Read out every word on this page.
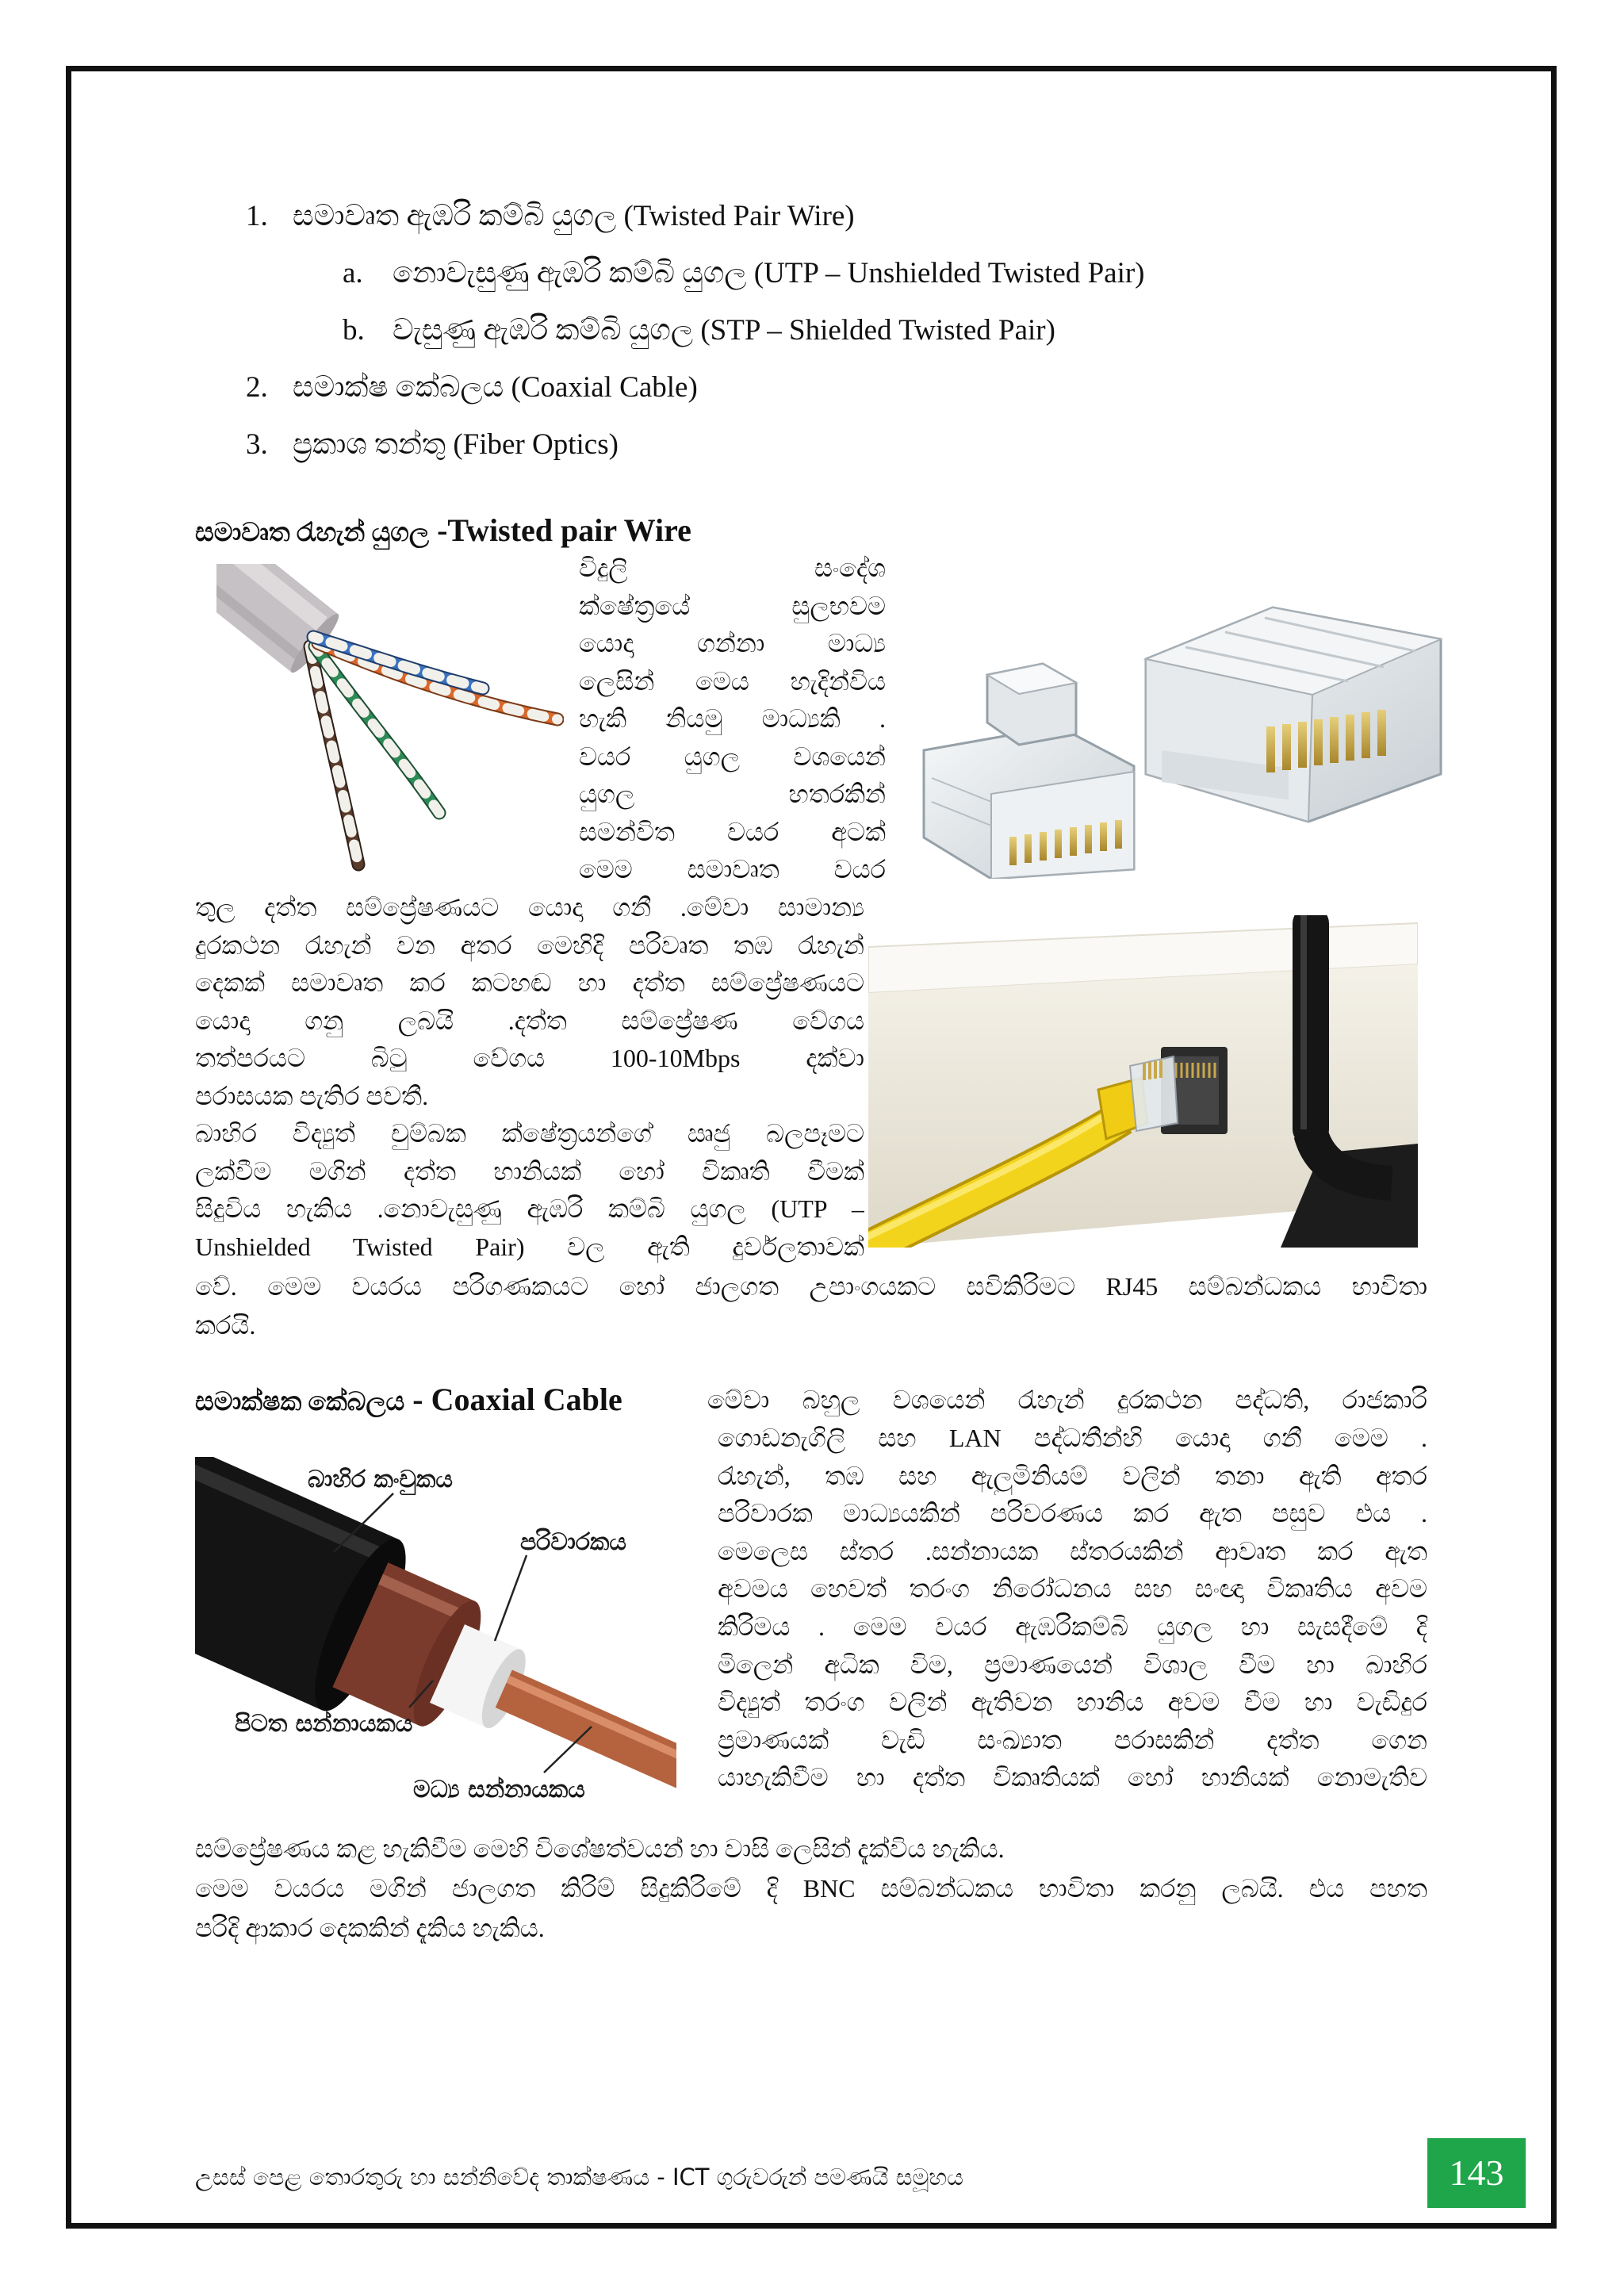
1. සමාවෘත ඇඹරි කම්බි යුගල (Twisted Pair Wire)
a. නොවැසුණු ඇඹරි කම්බි යුගල (UTP – Unshielded Twisted Pair)
b. වැසුණු ඇඹරි කම්බි යුගල (STP – Shielded Twisted Pair)
2. සමාක්ෂ කේබලය (Coaxial Cable)
3. ප්‍රකාශ තන්තු (Fiber Optics)
සමාවෘත රැහැන් යුගල -Twisted pair Wire
විදුලි සංදේශ
ක්ෂේත්‍රයේ සුලභවම
යොදා ගන්නා මාධ්‍ය
ලෙසින් මෙය හැදින්විය
හැකි නියමු මාධ්‍යකි .
වයර යුගල වශයෙන්
යුගල හතරකින්
සමන්විත වයර අටක්
මෙම සමාවෘත වයර
තුල දත්ත සම්ප්‍රේෂණයට යොදා ගනී .මේවා සාමාන්‍ය
දුරකථන රැහැන් වන අතර මෙහිදි පරිවෘත තඹ රැහැන්
දෙකක් සමාවෘත කර කටහඬ හා දත්ත සම්ප්‍රේෂණයට
යොදා ගනු ලබයි .දත්ත සම්ප්‍රේෂණ වේගය
තත්පරයට බිටු වේගය 100-10Mbps දක්වා
පරාසයක පැතිර පවතී.
බාහිර විද්‍යුත් චුම්බක ක්ෂේත්‍රයන්ගේ ඍජු බලපෑමට
ලක්වීම මගින් දත්ත හානියක් හෝ විකෘති වීමක්
සිදුවිය හැකිය .නොවැසුණු ඇඹරි කම්බි යුගල (UTP –
Unshielded Twisted Pair) වල ඇති දුර්වලතාවක්
වේ. මෙම වයරය පරිගණකයට හෝ ජාලගත උපාංගයකට සවිකිරිමට RJ45 සම්බන්ධකය භාවිතා
කරයි.
සමාක්ෂක කේබලය - Coaxial Cable	මේවා බහුල වශයෙන් රැහැන් දුරකථන පද්ධති, රාජකාරි
බාහිර කංචුකය
පරිවාරකය
පිටත සන්නායකය
මධ්‍ය සන්නායකය
ගොඩනැගිලි සහ LAN පද්ධතීන්හි යොදා ගනී මෙම .
රැහැන්, තඹ සහ ඇලුමිනියම් වලින් තනා ඇති අතර
පරිවාරක මාධ්‍යයකින් පරිවරණය කර ඇත පසුව එය .
මෙලෙස ස්තර .සන්නායක ස්තරයකින් ආවෘත කර ඇත
අවමය හෙවත් තරංග නිරෝධනය සහ සංඥා විකෘතිය අවම
කිරිමය . මෙම වයර ඇඹරිකම්බි යුගල හා සැසදීමේ දි
මිලෙන් අධික විම, ප්‍රමාණයෙන් විශාල වීම හා බාහිර
විද්‍යුත් තරංග වලින් ඇතිවන හානිය අවම වීම හා වැඩිදුර
ප්‍රමාණයක් වැඩි සංඛ්‍යාත පරාසකින් දත්ත ගෙන
යාහැකිවීම හා දත්ත විකෘතියක් හෝ හානියක් නොමැතිව
සම්ප්‍රේෂණය කළ හැකිවීම මෙහි විශේෂත්වයන් හා වාසි ලෙසින් දැක්විය හැකිය.
මෙම වයරය මගින් ජාලගත කිරිම් සිදුකිරිමේ දි BNC සම්බන්ධකය භාවිතා කරනු ලබයි. එය පහත
පරිදි ආකාර දෙකකින් දැකිය හැකිය.
උසස් පෙළ තොරතුරු හා සන්නිවේද තාක්ෂණය - ICT ගුරුවරුන් පමණයි සමූහය	143
